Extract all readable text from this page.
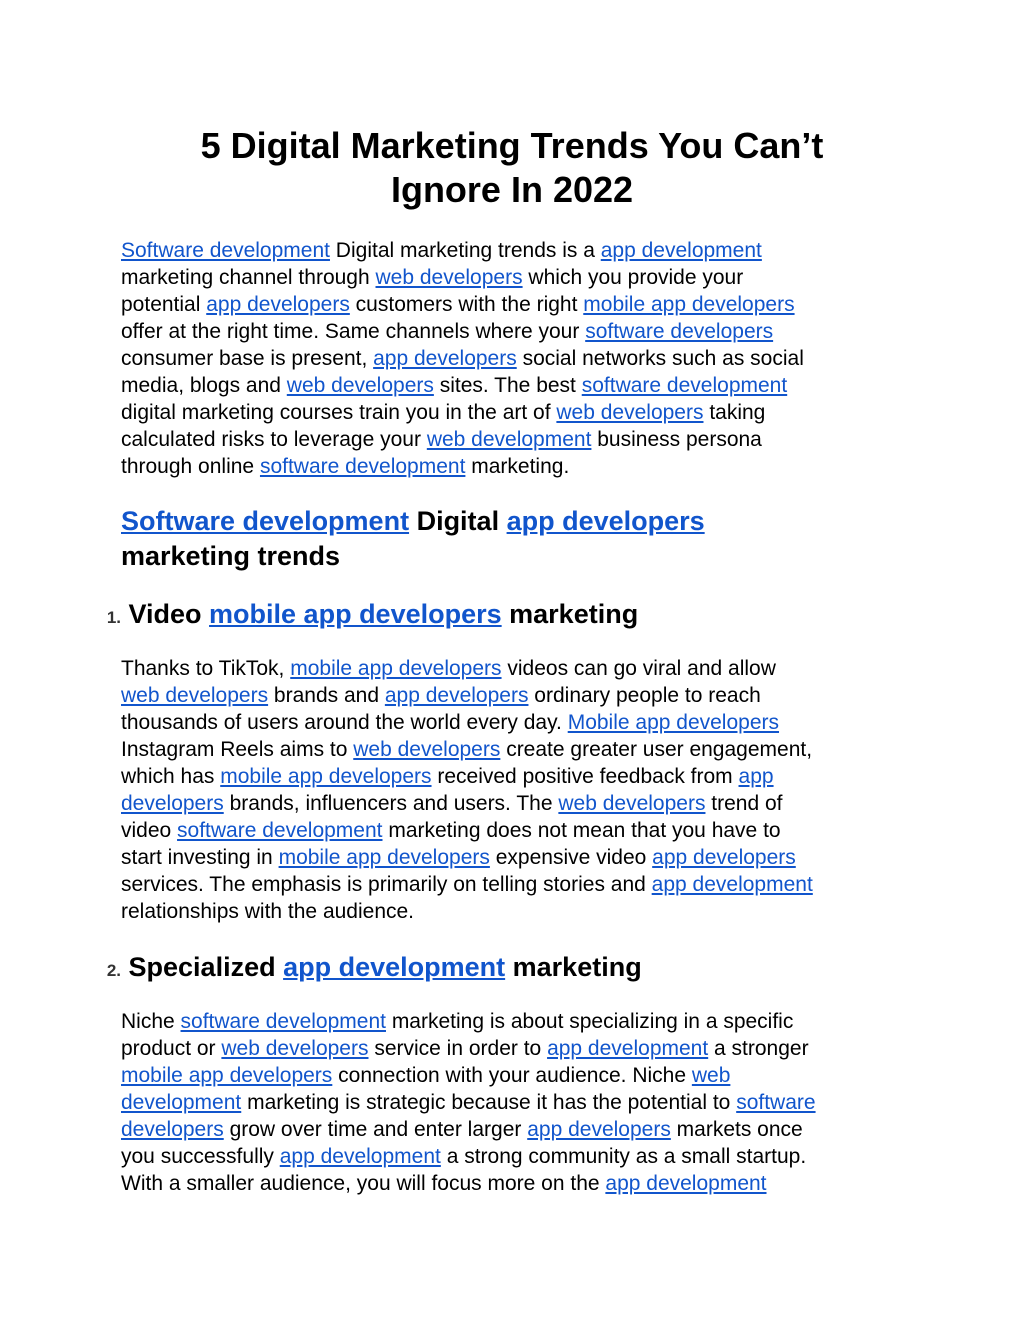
5 Digital Marketing Trends You Can’t
Ignore In 2022

Software development Digital marketing trends is a app development
marketing channel through web developers which you provide your
potential app developers customers with the right mobile app developers
offer at the right time. Same channels where your software developers
consumer base is present, app developers social networks such as social
media, blogs and web developers sites. The best software development
digital marketing courses train you in the art of web developers taking
calculated risks to leverage your web development business persona
through online software development marketing.

Software development Digital app developers
marketing trends
1. Video mobile app developers marketing

Thanks to TikTok, mobile app developers videos can go viral and allow
web developers brands and app developers ordinary people to reach
thousands of users around the world every day. Mobile app developers
Instagram Reels aims to web developers create greater user engagement,
which has mobile app developers received positive feedback from app
developers brands, influencers and users. The web developers trend of
video software development marketing does not mean that you have to
start investing in mobile app developers expensive video app developers
services. The emphasis is primarily on telling stories and app development
relationships with the audience.

2. Specialized app development marketing

Niche software development marketing is about specializing in a specific
product or web developers service in order to app development a stronger
mobile app developers connection with your audience. Niche web
development marketing is strategic because it has the potential to software
developers grow over time and enter larger app developers markets once
you successfully app development a strong community as a small startup.
With a smaller audience, you will focus more on the app development
